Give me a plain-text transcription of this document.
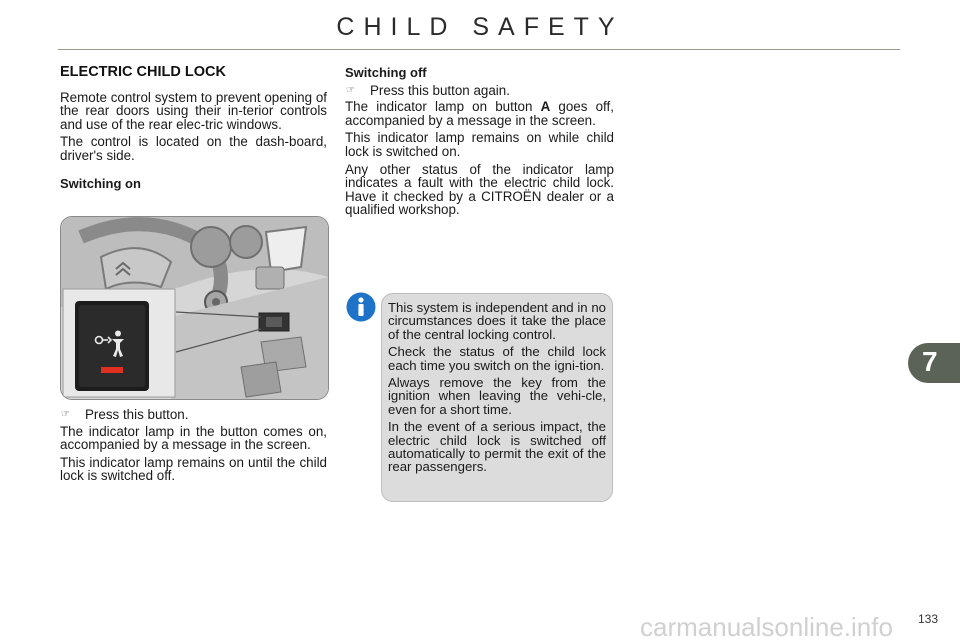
CHILD SAFETY
ELECTRIC CHILD LOCK

Remote control system to prevent opening of the rear doors using their in-terior controls and use of the rear elec-tric windows.

The control is located on the dash-board, driver's side.

Switching on
☞	Press this button.

The indicator lamp in the button comes on, accompanied by a message in the screen.

This indicator lamp remains on until the child lock is switched off.

Switching off
☞	Press this button again.

The indicator lamp on button A goes off, accompanied by a message in the screen.

This indicator lamp remains on while child lock is switched on.

Any other status of the indicator lamp indicates a fault with the electric child lock. Have it checked by a CITROËN dealer or a qualified workshop.

This system is independent and in no circumstances does it take the place of the central locking control.

Check the status of the child lock each time you switch on the igni-tion.

Always remove the key from the ignition when leaving the vehi-cle, even for a short time.

In the event of a serious impact, the electric child lock is switched off automatically to permit the exit of the rear passengers.

7
carmanualsonline.info 133
